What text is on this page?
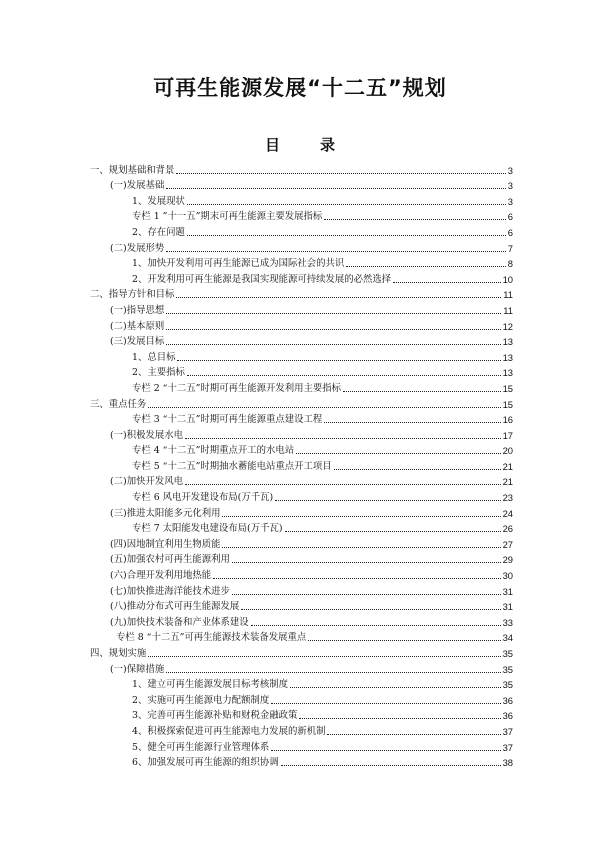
可再生能源发展“十二五”规划
目	录
一、规划基础和背景	3
(一)发展基础	3
1、发展现状	3
专栏 1 ”十一五”期末可再生能源主要发展指标	6
2、存在问题	6
(二)发展形势	7
1、加快开发利用可再生能源已成为国际社会的共识	8
2、开发利用可再生能源是我国实现能源可持续发展的必然选择	10
二、指导方针和目标	11
(一)指导思想	11
(二)基本原则	12
(三)发展目标	13
1、总目标	13
2、主要指标	13
专栏 2 “十二五”时期可再生能源开发利用主要指标	15
三、重点任务	15
专栏 3 “十二五”时期可再生能源重点建设工程	16
(一)积极发展水电	17
专栏 4 “十二五”时期重点开工的水电站	20
专栏 5 “十二五”时期抽水蓄能电站重点开工项目	21
(二)加快开发风电	21
专栏 6 风电开发建设布局(万千瓦)	23
(三)推进太阳能多元化利用	24
专栏 7 太阳能发电建设布局(万千瓦)	26
(四)因地制宜利用生物质能	27
(五)加强农村可再生能源利用	29
(六)合理开发利用地热能	30
(七)加快推进海洋能技术进步	31
(八)推动分布式可再生能源发展	31
(九)加快技术装备和产业体系建设	33
专栏 8 “十二五”可再生能源技术装备发展重点	34
四、规划实施	35
(一)保障措施	35
1、建立可再生能源发展目标考核制度	35
2、实施可再生能源电力配额制度	36
3、完善可再生能源补贴和财税金融政策	36
4、积极探索促进可再生能源电力发展的新机制	37
5、健全可再生能源行业管理体系	37
6、加强发展可再生能源的组织协调	38
